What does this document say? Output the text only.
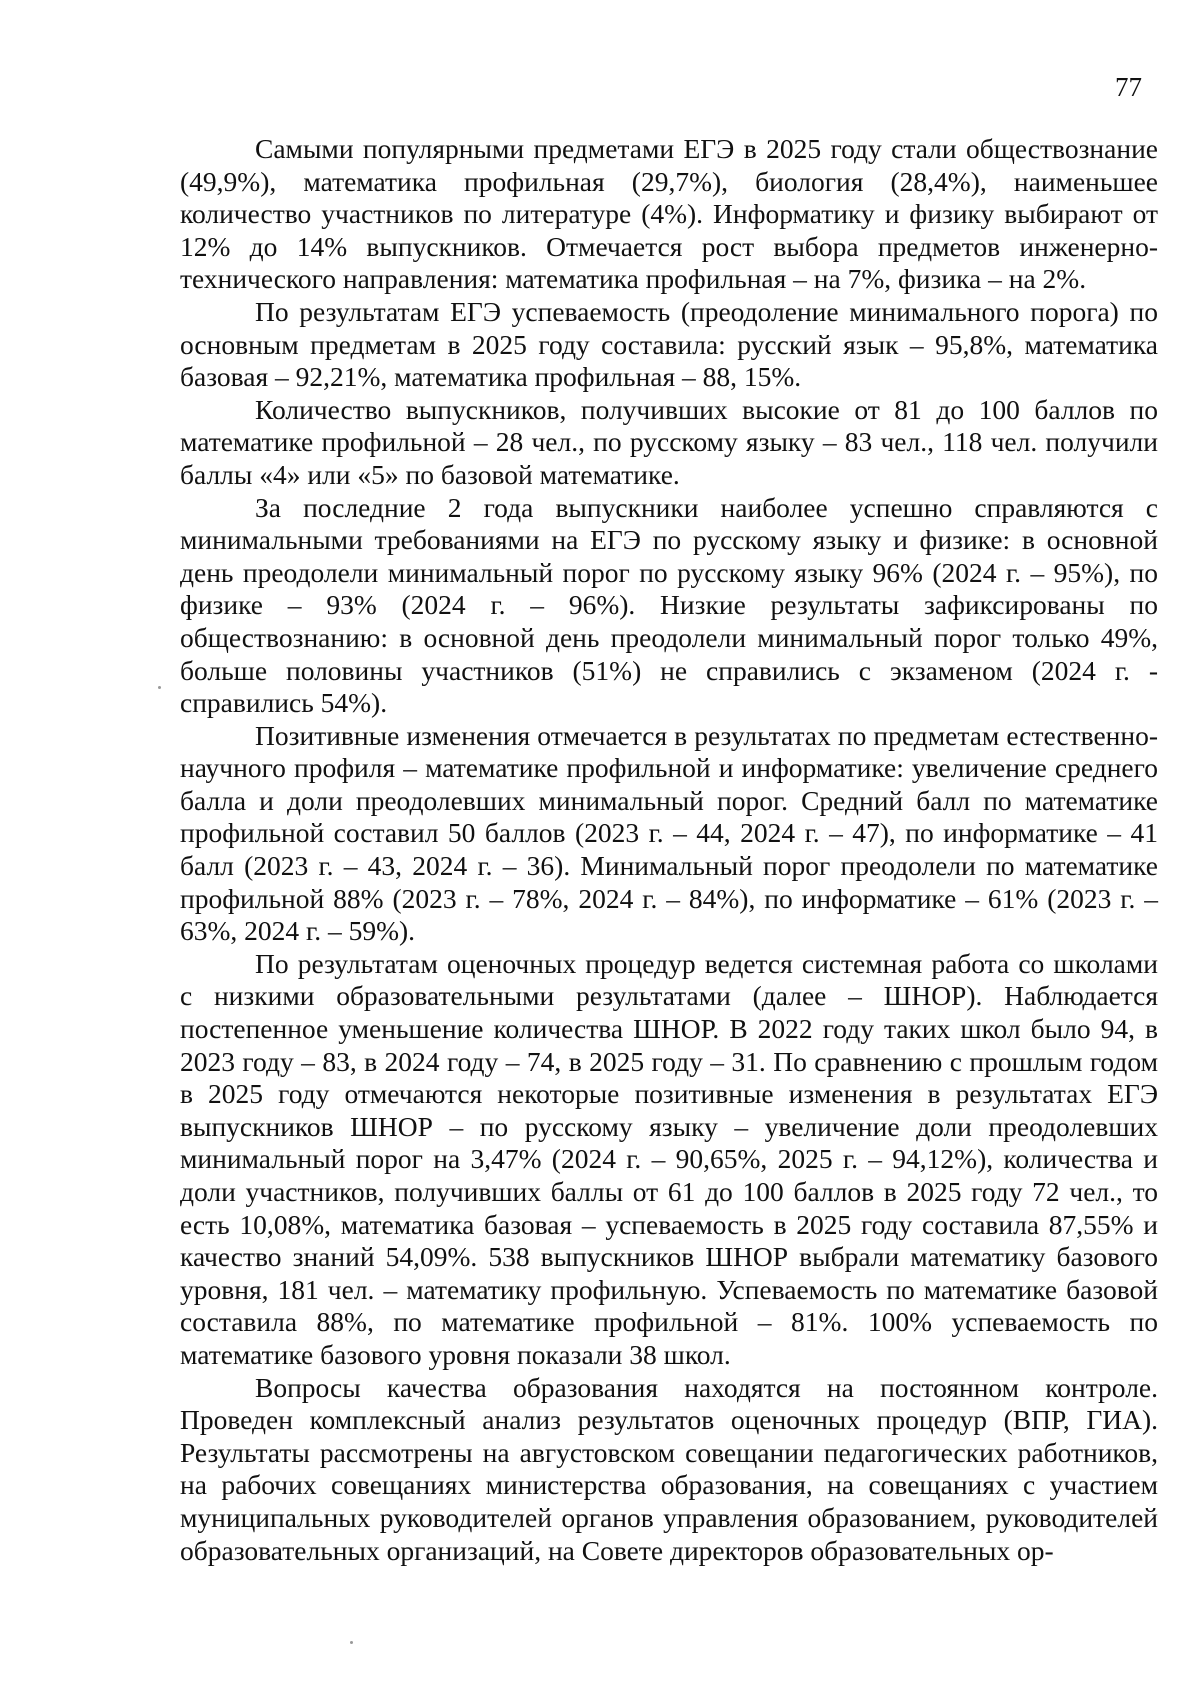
77

Самыми популярными предметами ЕГЭ в 2025 году стали обществознание (49,9%), математика профильная (29,7%), биология (28,4%), наименьшее количество участников по литературе (4%). Информатику и физику выбирают от 12% до 14% выпускников. Отмечается рост выбора предметов инженерно-технического направления: математика профильная – на 7%, физика – на 2%.

По результатам ЕГЭ успеваемость (преодоление минимального порога) по основным предметам в 2025 году составила: русский язык – 95,8%, математика базовая – 92,21%, математика профильная – 88, 15%.

Количество выпускников, получивших высокие от 81 до 100 баллов по математике профильной – 28 чел., по русскому языку – 83 чел., 118 чел. получили баллы «4» или «5» по базовой математике.

За последние 2 года выпускники наиболее успешно справляются с минимальными требованиями на ЕГЭ по русскому языку и физике: в основной день преодолели минимальный порог по русскому языку 96% (2024 г. – 95%), по физике – 93% (2024 г. – 96%). Низкие результаты зафиксированы по обществознанию: в основной день преодолели минимальный порог только 49%, больше половины участников (51%) не справились с экзаменом (2024 г. - справились 54%).

Позитивные изменения отмечается в результатах по предметам естественно-научного профиля – математике профильной и информатике: увеличение среднего балла и доли преодолевших минимальный порог. Средний балл по математике профильной составил 50 баллов (2023 г. – 44, 2024 г. – 47), по информатике – 41 балл (2023 г. – 43, 2024 г. – 36). Минимальный порог преодолели по математике профильной 88% (2023 г. – 78%, 2024 г. – 84%), по информатике – 61% (2023 г. – 63%, 2024 г. – 59%).

По результатам оценочных процедур ведется системная работа со школами с низкими образовательными результатами (далее – ШНОР). Наблюдается постепенное уменьшение количества ШНОР. В 2022 году таких школ было 94, в 2023 году – 83, в 2024 году – 74, в 2025 году – 31. По сравнению с прошлым годом в 2025 году отмечаются некоторые позитивные изменения в результатах ЕГЭ выпускников ШНОР – по русскому языку – увеличение доли преодолевших минимальный порог на 3,47% (2024 г. – 90,65%, 2025 г. – 94,12%), количества и доли участников, получивших баллы от 61 до 100 баллов в 2025 году 72 чел., то есть 10,08%, математика базовая – успеваемость в 2025 году составила 87,55% и качество знаний 54,09%. 538 выпускников ШНОР выбрали математику базового уровня, 181 чел. – математику профильную. Успеваемость по математике базовой составила 88%, по математике профильной – 81%. 100% успеваемость по математике базового уровня показали 38 школ.

Вопросы качества образования находятся на постоянном контроле. Проведен комплексный анализ результатов оценочных процедур (ВПР, ГИА). Результаты рассмотрены на августовском совещании педагогических работников, на рабочих совещаниях министерства образования, на совещаниях с участием муниципальных руководителей органов управления образованием, руководителей образовательных организаций, на Совете директоров образовательных ор-
